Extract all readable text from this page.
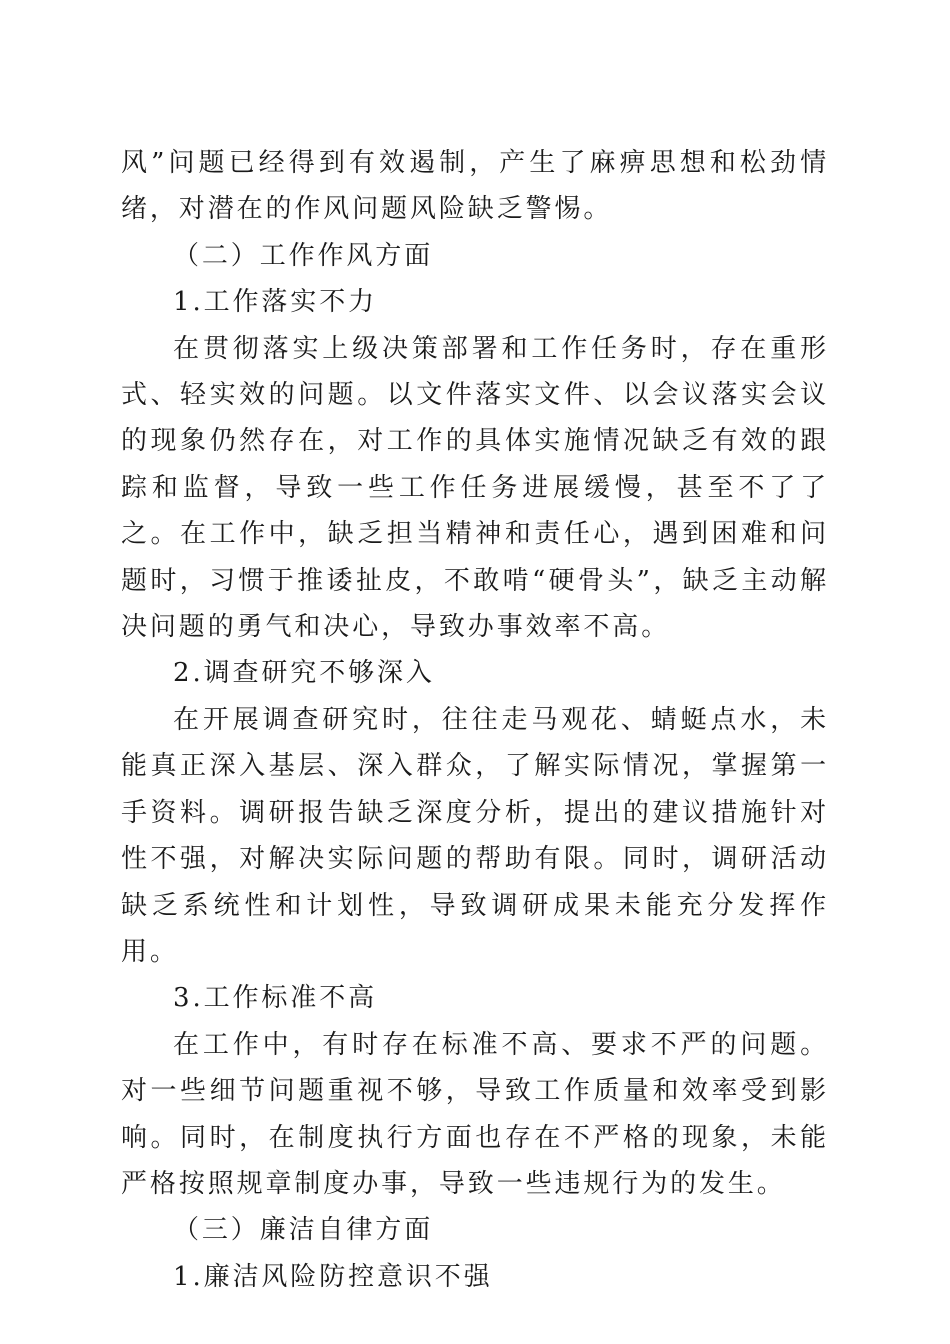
风”问题已经得到有效遏制，产生了麻痹思想和松劲情绪，对潜在的作风问题风险缺乏警惕。

（二）工作作风方面

1.工作落实不力

在贯彻落实上级决策部署和工作任务时，存在重形式、轻实效的问题。以文件落实文件、以会议落实会议的现象仍然存在，对工作的具体实施情况缺乏有效的跟踪和监督，导致一些工作任务进展缓慢，甚至不了了之。在工作中，缺乏担当精神和责任心，遇到困难和问题时，习惯于推诿扯皮，不敢啃“硬骨头”，缺乏主动解决问题的勇气和决心，导致办事效率不高。

2.调查研究不够深入

在开展调查研究时，往往走马观花、蜻蜓点水，未能真正深入基层、深入群众，了解实际情况，掌握第一手资料。调研报告缺乏深度分析，提出的建议措施针对性不强，对解决实际问题的帮助有限。同时，调研活动缺乏系统性和计划性，导致调研成果未能充分发挥作用。

3.工作标准不高

在工作中，有时存在标准不高、要求不严的问题。对一些细节问题重视不够，导致工作质量和效率受到影响。同时，在制度执行方面也存在不严格的现象，未能严格按照规章制度办事，导致一些违规行为的发生。

（三）廉洁自律方面

1.廉洁风险防控意识不强
